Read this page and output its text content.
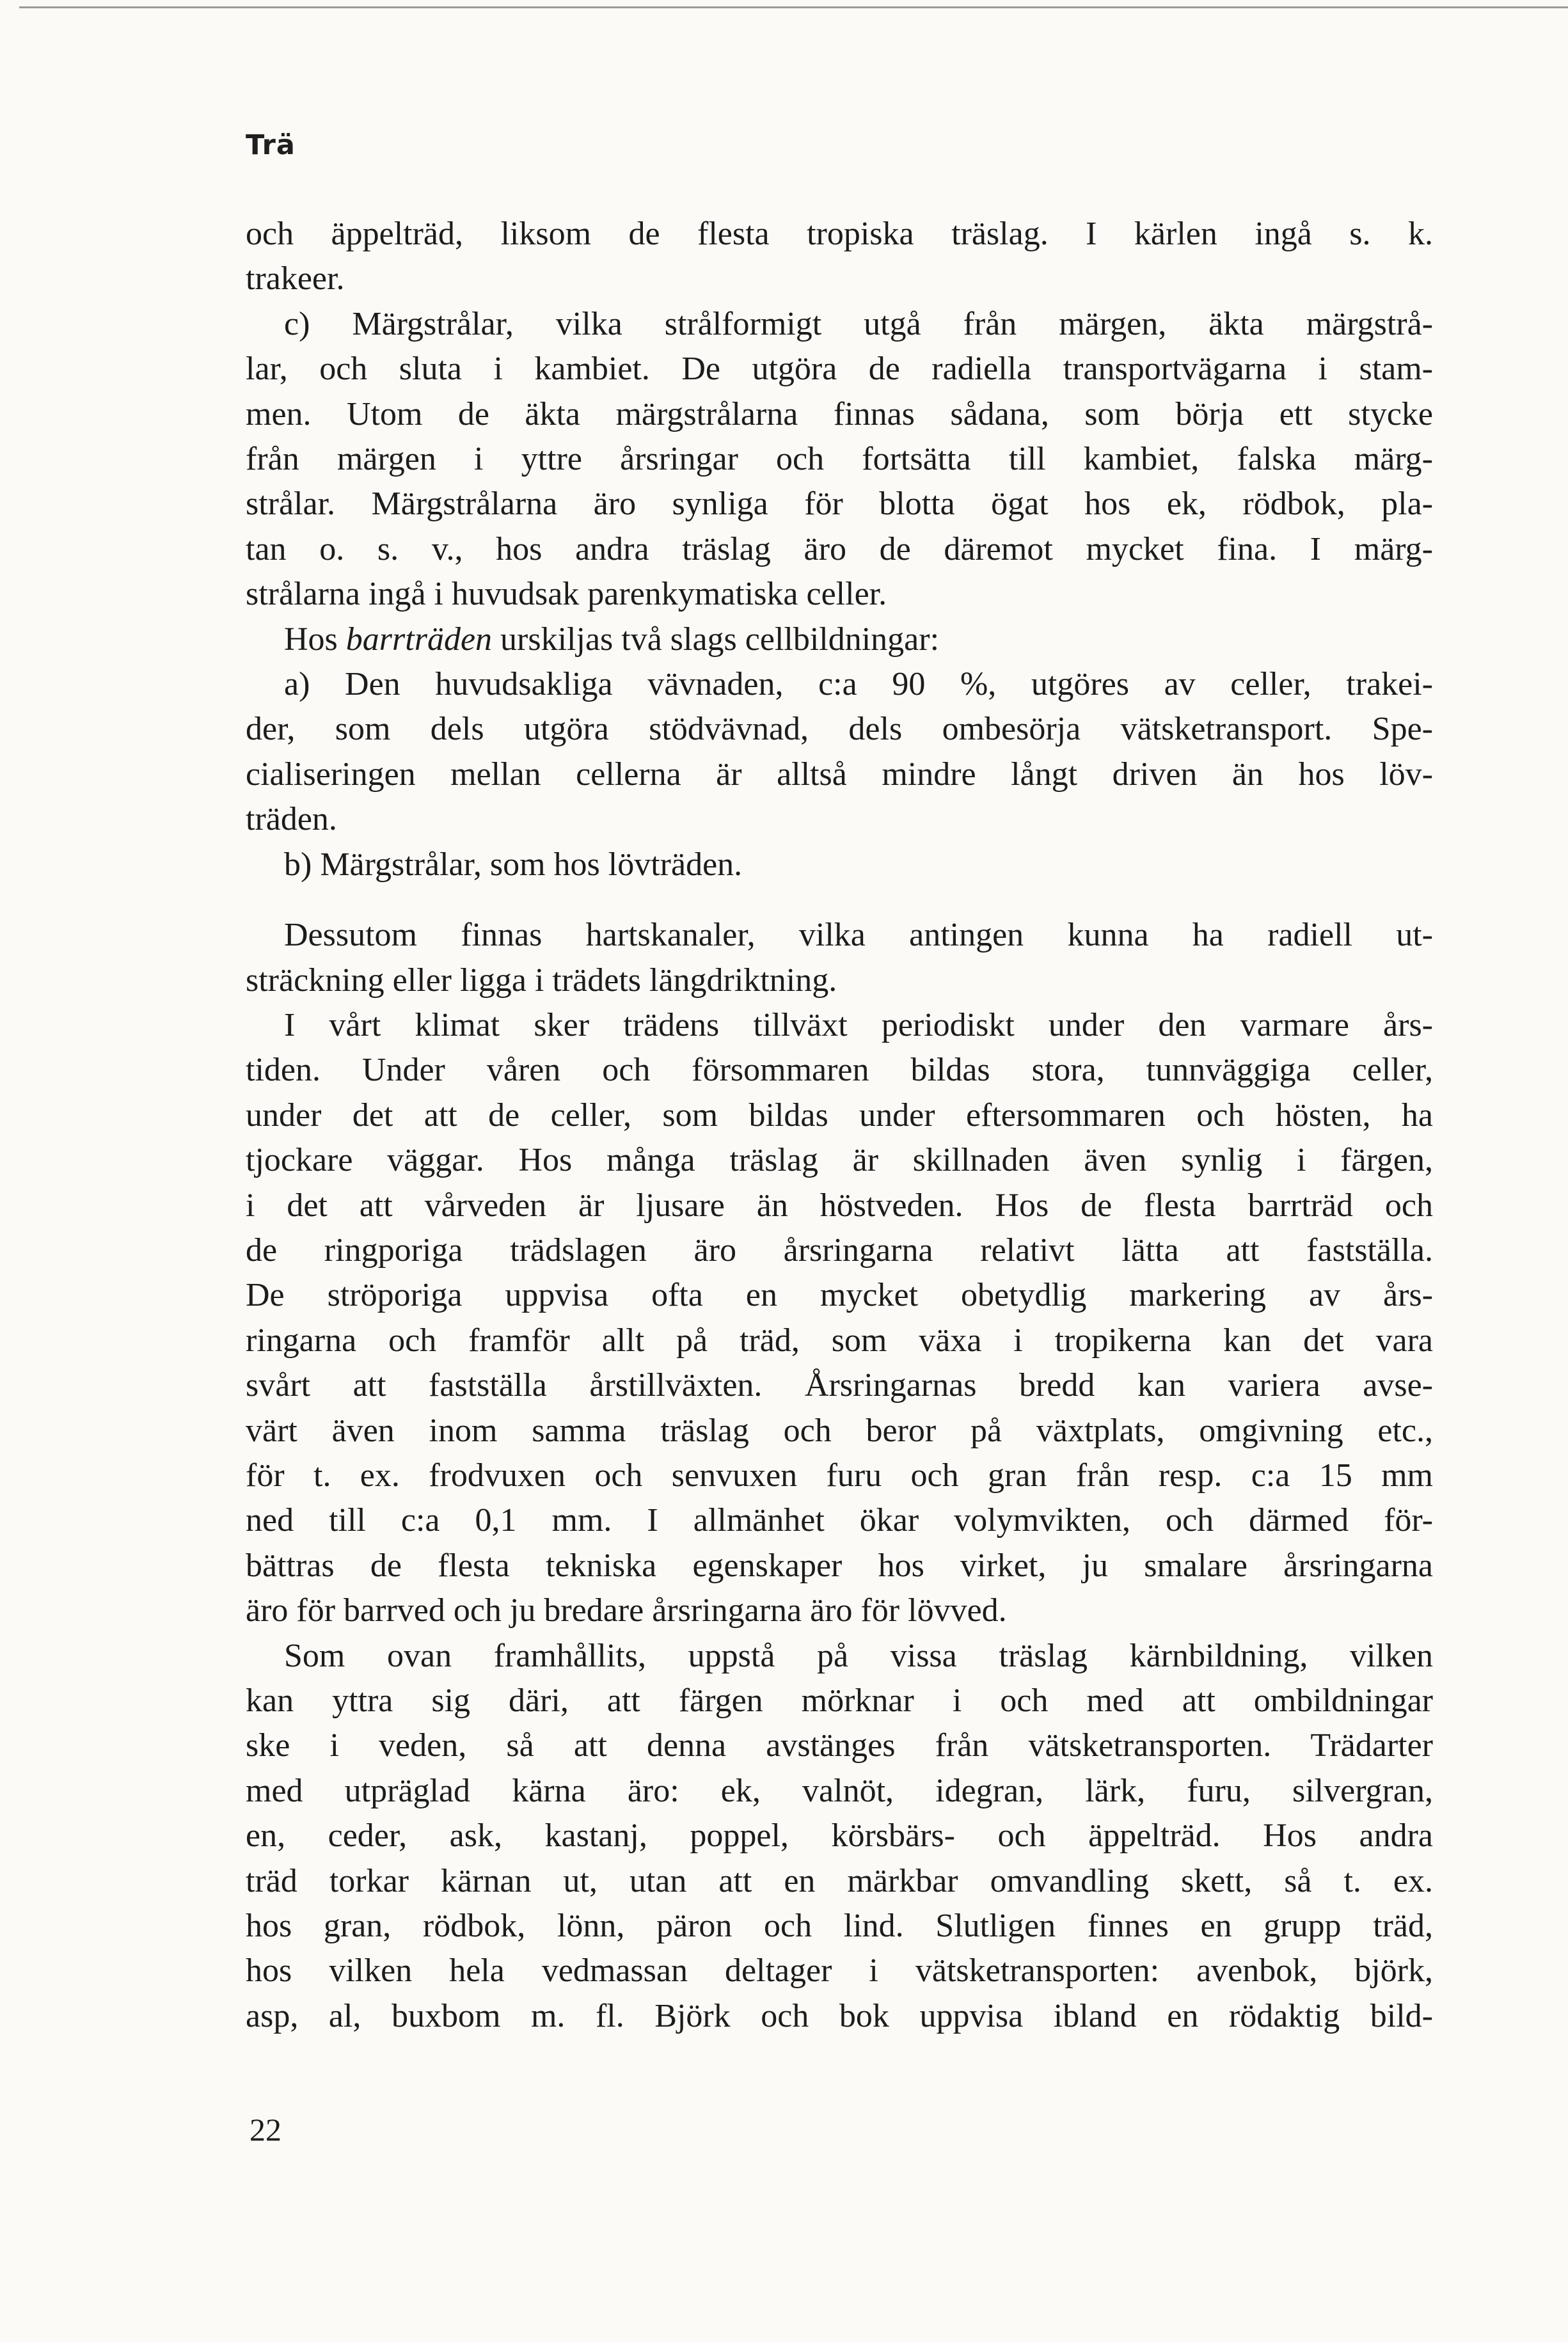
Trä
och äppelträd, liksom de flesta tropiska träslag. I kärlen ingå s. k.
trakeer.
c) Märgstrålar, vilka strålformigt utgå från märgen, äkta märgstrå-
lar, och sluta i kambiet. De utgöra de radiella transportvägarna i stam-
men. Utom de äkta märgstrålarna finnas sådana, som börja ett stycke
från märgen i yttre årsringar och fortsätta till kambiet, falska märg-
strålar. Märgstrålarna äro synliga för blotta ögat hos ek, rödbok, pla-
tan o. s. v., hos andra träslag äro de däremot mycket fina. I märg-
strålarna ingå i huvudsak parenkymatiska celler.
Hos barrträden urskiljas två slags cellbildningar:
a) Den huvudsakliga vävnaden, c:a 90 %, utgöres av celler, trakei-
der, som dels utgöra stödvävnad, dels ombesörja vätsketransport. Spe-
cialiseringen mellan cellerna är alltså mindre långt driven än hos löv-
träden.
b) Märgstrålar, som hos lövträden.
Dessutom finnas hartskanaler, vilka antingen kunna ha radiell ut-
sträckning eller ligga i trädets längdriktning.
I vårt klimat sker trädens tillväxt periodiskt under den varmare års-
tiden. Under våren och försommaren bildas stora, tunnväggiga celler,
under det att de celler, som bildas under eftersommaren och hösten, ha
tjockare väggar. Hos många träslag är skillnaden även synlig i färgen,
i det att vårveden är ljusare än höstveden. Hos de flesta barrträd och
de ringporiga trädslagen äro årsringarna relativt lätta att fastställa.
De ströporiga uppvisa ofta en mycket obetydlig markering av års-
ringarna och framför allt på träd, som växa i tropikerna kan det vara
svårt att fastställa årstillväxten. Årsringarnas bredd kan variera avse-
värt även inom samma träslag och beror på växtplats, omgivning etc.,
för t. ex. frodvuxen och senvuxen furu och gran från resp. c:a 15 mm
ned till c:a 0,1 mm. I allmänhet ökar volymvikten, och därmed för-
bättras de flesta tekniska egenskaper hos virket, ju smalare årsringarna
äro för barrved och ju bredare årsringarna äro för lövved.
Som ovan framhållits, uppstå på vissa träslag kärnbildning, vilken
kan yttra sig däri, att färgen mörknar i och med att ombildningar
ske i veden, så att denna avstänges från vätsketransporten. Trädarter
med utpräglad kärna äro: ek, valnöt, idegran, lärk, furu, silvergran,
en, ceder, ask, kastanj, poppel, körsbärs- och äppelträd. Hos andra
träd torkar kärnan ut, utan att en märkbar omvandling skett, så t. ex.
hos gran, rödbok, lönn, päron och lind. Slutligen finnes en grupp träd,
hos vilken hela vedmassan deltager i vätsketransporten: avenbok, björk,
asp, al, buxbom m. fl. Björk och bok uppvisa ibland en rödaktig bild-
22
